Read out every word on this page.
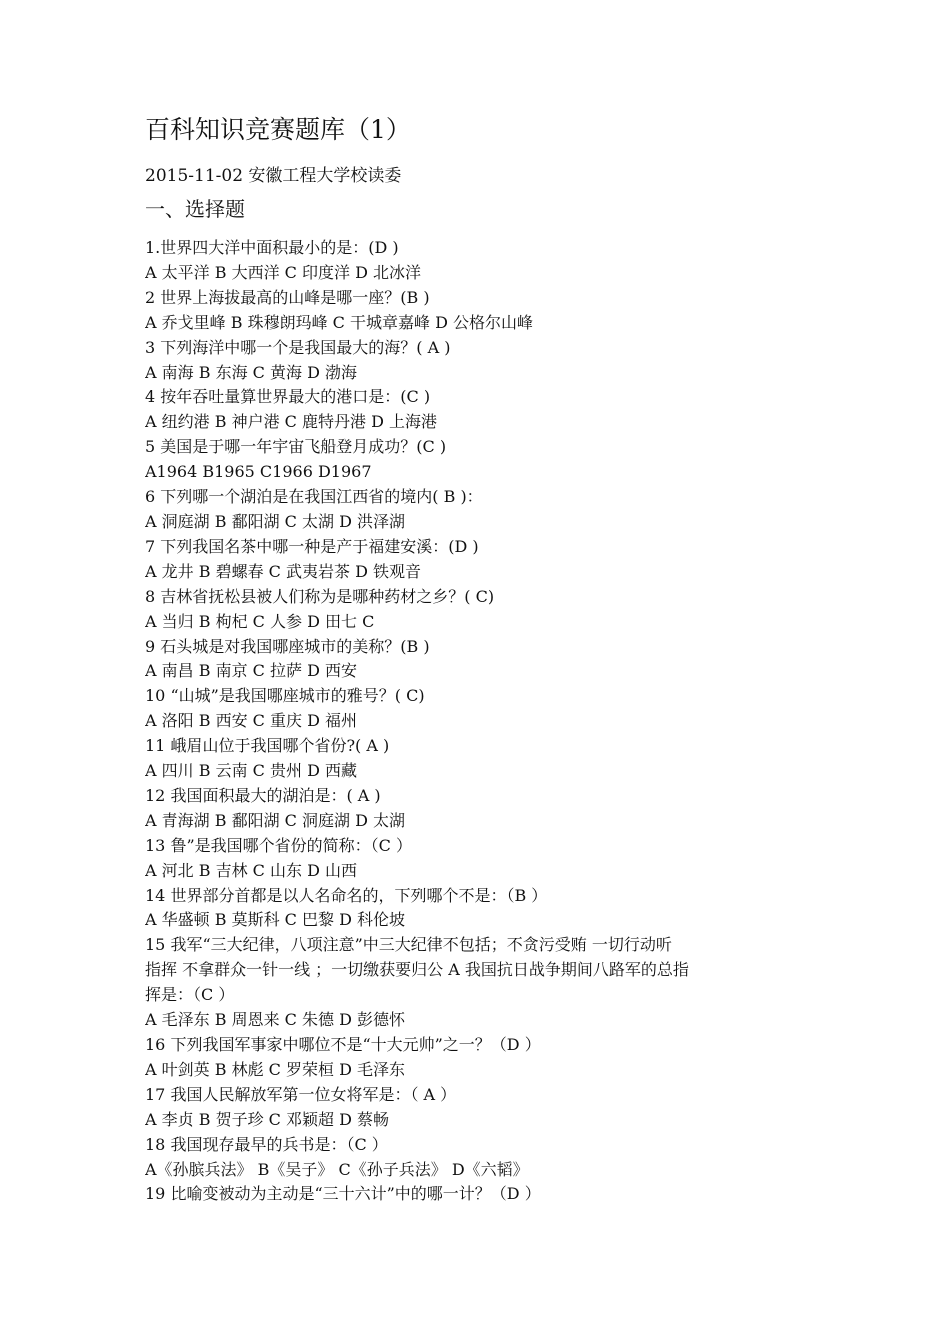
百科知识竞赛题库（1）
2015-11-02 安徽工程大学校读委
一、选择题
1.世界四大洋中面积最小的是：(D )
A 太平洋 B 大西洋 C 印度洋 D 北冰洋
2 世界上海拔最高的山峰是哪一座？(B )
A 乔戈里峰 B 珠穆朗玛峰 C 干城章嘉峰 D 公格尔山峰
3 下列海洋中哪一个是我国最大的海？( A )
A 南海 B 东海 C 黄海 D 渤海
4 按年吞吐量算世界最大的港口是：(C )
A 纽约港 B 神户港 C 鹿特丹港 D 上海港
5 美国是于哪一年宇宙飞船登月成功？(C )
A1964 B1965 C1966 D1967
6 下列哪一个湖泊是在我国江西省的境内( B )：
A 洞庭湖 B 鄱阳湖 C 太湖 D 洪泽湖
7 下列我国名茶中哪一种是产于福建安溪：(D )
A 龙井 B 碧螺春 C 武夷岩茶 D 铁观音
8 吉林省抚松县被人们称为是哪种药材之乡？( C)
A 当归 B 枸杞 C 人参 D 田七 C
9 石头城是对我国哪座城市的美称？(B )
A 南昌 B 南京 C 拉萨 D 西安
10 “山城”是我国哪座城市的雅号？( C)
A 洛阳 B 西安 C 重庆 D 福州
11 峨眉山位于我国哪个省份?( A )
A 四川 B 云南 C 贵州 D 西藏
12 我国面积最大的湖泊是：( A )
A 青海湖 B 鄱阳湖 C 洞庭湖 D 太湖
13 鲁”是我国哪个省份的简称：（C ）
A 河北 B 吉林 C 山东 D 山西
14 世界部分首都是以人名命名的，下列哪个不是：（B ）
A 华盛顿 B 莫斯科 C 巴黎 D 科伦坡
15 我军“三大纪律，八项注意”中三大纪律不包括；不贪污受贿 一切行动听
指挥 不拿群众一针一线 ；一切缴获要归公 A 我国抗日战争期间八路军的总指
挥是：（C ）
A 毛泽东 B 周恩来 C 朱德 D 彭德怀
16 下列我国军事家中哪位不是“十大元帅”之一？（D ）
A 叶剑英 B 林彪 C 罗荣桓 D 毛泽东
17 我国人民解放军第一位女将军是：（ A ）
A 李贞 B 贺子珍 C 邓颖超 D 蔡畅
18 我国现存最早的兵书是：（C ）
A《孙膑兵法》 B《吴子》 C《孙子兵法》 D《六韬》
19 比喻变被动为主动是“三十六计”中的哪一计？（D ）
